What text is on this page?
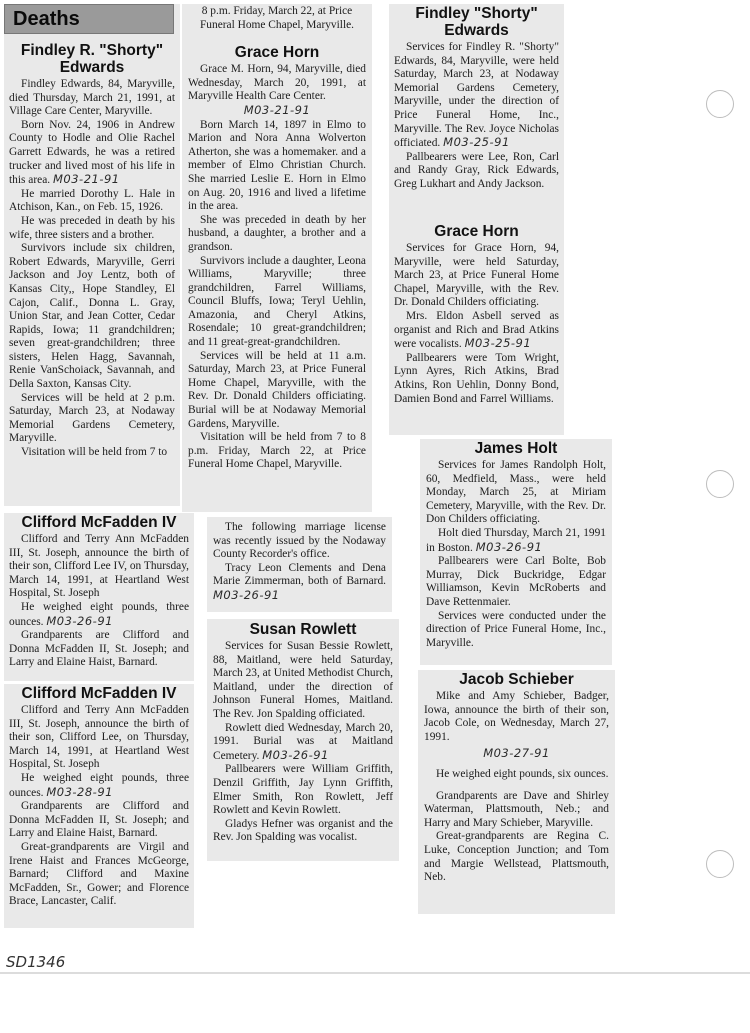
Findley R. "Shorty" Edwards

Findley Edwards, 84, Maryville, died Thursday, March 21, 1991, at Village Care Center, Maryville.

Born Nov. 24, 1906 in Andrew County to Hodle and Olie Rachel Garrett Edwards, he was a retired trucker and lived most of his life in this area. M03-21-91

He married Dorothy L. Hale in Atchison, Kan., on Feb. 15, 1926.

He was preceded in death by his wife, three sisters and a brother.

Survivors include six children, Robert Edwards, Maryville, Gerri Jackson and Joy Lentz, both of Kansas City,, Hope Standley, El Cajon, Calif., Donna L. Gray, Union Star, and Jean Cotter, Cedar Rapids, Iowa; 11 grandchildren; seven great-grandchildren; three sisters, Helen Hagg, Savannah, Renie VanSchoiack, Savannah, and Della Saxton, Kansas City.

Services will be held at 2 p.m. Saturday, March 23, at Nodaway Memorial Gardens Cemetery, Maryville.

Visitation will be held from 7 to

Deaths	8 p.m. Friday, March 22, at Price Funeral Home Chapel, Maryville.

Grace Horn

Grace M. Horn, 94, Maryville, died Wednesday, March 20, 1991, at Maryville Health Care Center.

M03-21-91

Born March 14, 1897 in Elmo to Marion and Nora Anna Wolverton Atherton, she was a homemaker. and a member of Elmo Christian Church. She married Leslie E. Horn in Elmo on Aug. 20, 1916 and lived a lifetime in the area.

She was preceded in death by her husband, a daughter, a brother and a grandson.

Survivors include a daughter, Leona Williams, Maryville; three grandchildren, Farrel Williams, Council Bluffs, Iowa; Teryl Uehlin, Amazonia, and Cheryl Atkins, Rosendale; 10 great-grandchildren; and 11 great-great-grandchildren.

Services will be held at 11 a.m. Saturday, March 23, at Price Funeral Home Chapel, Maryville, with the Rev. Dr. Donald Childers officiating. Burial will be at Nodaway Memorial Gardens, Maryville.

Visitation will be held from 7 to 8 p.m. Friday, March 22, at Price Funeral Home Chapel, Maryville.

Findley "Shorty" Edwards

Services for Findley R. "Shorty" Edwards, 84, Maryville, were held Saturday, March 23, at Nodaway Memorial Gardens Cemetery, Maryville, under the direction of Price Funeral Home, Inc., Maryville. The Rev. Joyce Nicholas officiated. M03-25-91

Pallbearers were Lee, Ron, Carl and Randy Gray, Rick Edwards, Greg Lukhart and Andy Jackson.

Grace Horn

Services for Grace Horn, 94, Maryville, were held Saturday, March 23, at Price Funeral Home Chapel, Maryville, with the Rev. Dr. Donald Childers officiating.

Mrs. Eldon Asbell served as organist and Rich and Brad Atkins were vocalists. M03-25-91

Pallbearers were Tom Wright, Lynn Ayres, Rich Atkins, Brad Atkins, Ron Uehlin, Donny Bond, Damien Bond and Farrel Williams.

Clifford McFadden IV

Clifford and Terry Ann McFadden III, St. Joseph, announce the birth of their son, Clifford Lee IV, on Thursday, March 14, 1991, at Heartland West Hospital, St. Joseph

He weighed eight pounds, three ounces. M03-26-91

Grandparents are Clifford and Donna McFadden II, St. Joseph; and Larry and Elaine Haist, Barnard.

Clifford McFadden IV

Clifford and Terry Ann McFadden III, St. Joseph, announce the birth of their son, Clifford Lee, on Thursday, March 14, 1991, at Heartland West Hospital, St. Joseph

He weighed eight pounds, three ounces. M03-28-91

Grandparents are Clifford and Donna McFadden II, St. Joseph; and Larry and Elaine Haist, Barnard.

Great-grandparents are Virgil and Irene Haist and Frances McGeorge, Barnard; Clifford and Maxine McFadden, Sr., Gower; and Florence Brace, Lancaster, Calif.

The following marriage license was recently issued by the Nodaway County Recorder's office.

Tracy Leon Clements and Dena Marie Zimmerman, both of Barnard. M03-26-91

Susan Rowlett

Services for Susan Bessie Rowlett, 88, Maitland, were held Saturday, March 23, at United Methodist Church, Maitland, under the direction of Johnson Funeral Homes, Maitland. The Rev. Jon Spalding officiated.

Rowlett died Wednesday, March 20, 1991. Burial was at Maitland Cemetery. M03-26-91

Pallbearers were William Griffith, Denzil Griffith, Jay Lynn Griffith, Elmer Smith, Ron Rowlett, Jeff Rowlett and Kevin Rowlett.

Gladys Hefner was organist and the Rev. Jon Spalding was vocalist.

James Holt

Services for James Randolph Holt, 60, Medfield, Mass., were held Monday, March 25, at Miriam Cemetery, Maryville, with the Rev. Dr. Don Childers officiating.

Holt died Thursday, March 21, 1991 in Boston. M03-26-91

Pallbearers were Carl Bolte, Bob Murray, Dick Buckridge, Edgar Williamson, Kevin McRoberts and Dave Rettenmaier.

Services were conducted under the direction of Price Funeral Home, Inc., Maryville.

Jacob Schieber

Mike and Amy Schieber, Badger, Iowa, announce the birth of their son, Jacob Cole, on Wednesday, March 27, 1991.

M03-27-91

He weighed eight pounds, six ounces.

Grandparents are Dave and Shirley Waterman, Plattsmouth, Neb.; and Harry and Mary Schieber, Maryville.

Great-grandparents are Regina C. Luke, Conception Junction; and Tom and Margie Wellstead, Plattsmouth, Neb.

SD1346
